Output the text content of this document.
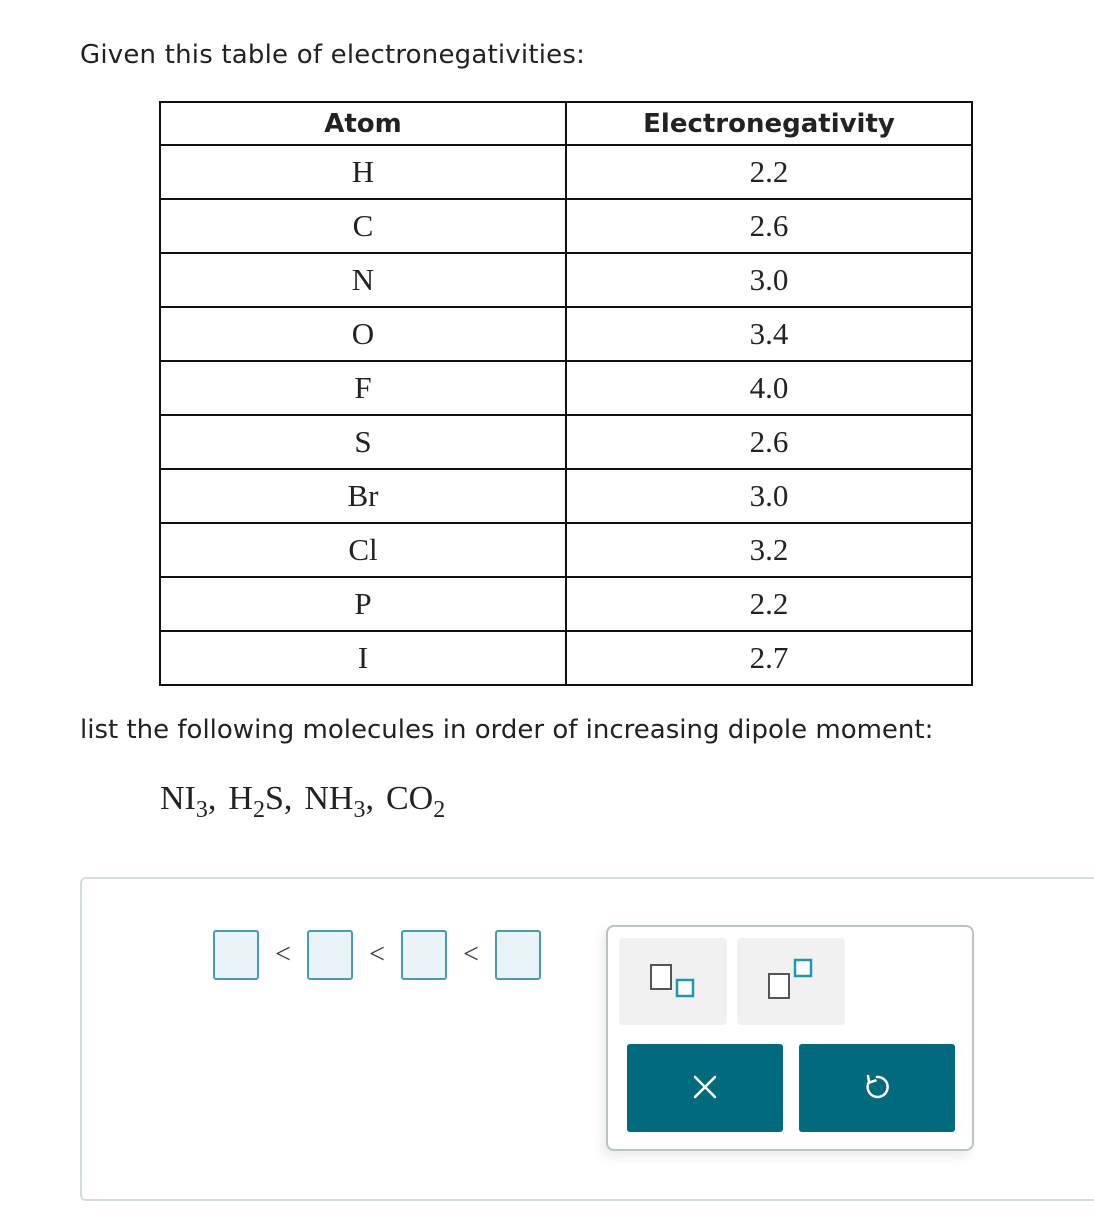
Given this table of electronegativities:
Atom	Electronegativity
H	2.2
C	2.6
N	3.0
O	3.4
F	4.0
S	2.6
Br	3.0
Cl	3.2
P	2.2
I	2.7
list the following molecules in order of increasing dipole moment:
$NI_3$ , $H_2S$ , $NH_3$ , $CO_2$
<	<	<
